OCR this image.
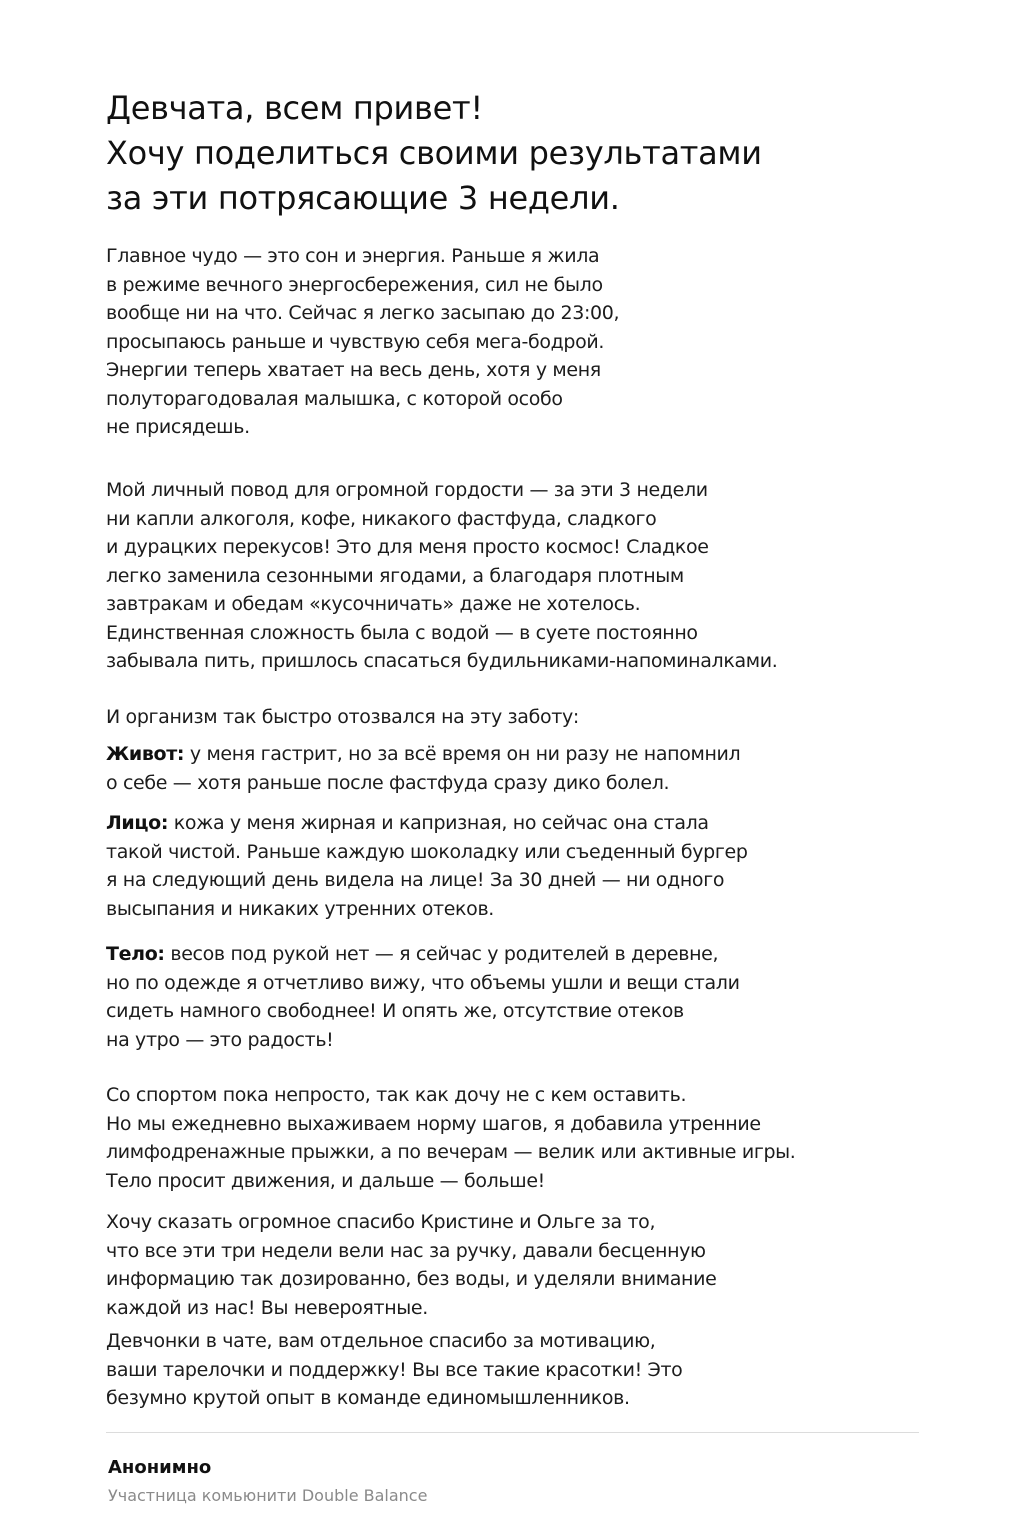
Девчата, всем привет!
Хочу поделиться своими результатами
за эти потрясающие 3 недели.

Главное чудо — это сон и энергия. Раньше я жила
в режиме вечного энергосбережения, сил не было
вообще ни на что. Сейчас я легко засыпаю до 23:00,
просыпаюсь раньше и чувствую себя мега-бодрой.
Энергии теперь хватает на весь день, хотя у меня
полуторагодовалая малышка, с которой особо
не присядешь.

Мой личный повод для огромной гордости — за эти 3 недели
ни капли алкоголя, кофе, никакого фастфуда, сладкого
и дурацких перекусов! Это для меня просто космос! Сладкое
легко заменила сезонными ягодами, а благодаря плотным
завтракам и обедам «кусочничать» даже не хотелось.
Единственная сложность была с водой — в суете постоянно
забывала пить, пришлось спасаться будильниками-напоминалками.

И организм так быстро отозвался на эту заботу:

Живот: у меня гастрит, но за всё время он ни разу не напомнил
о себе — хотя раньше после фастфуда сразу дико болел.

Лицо: кожа у меня жирная и капризная, но сейчас она стала
такой чистой. Раньше каждую шоколадку или съеденный бургер
я на следующий день видела на лице! За 30 дней — ни одного
высыпания и никаких утренних отеков.

Тело: весов под рукой нет — я сейчас у родителей в деревне,
но по одежде я отчетливо вижу, что объемы ушли и вещи стали
сидеть намного свободнее! И опять же, отсутствие отеков
на утро — это радость!

Со спортом пока непросто, так как дочу не с кем оставить.
Но мы ежедневно выхаживаем норму шагов, я добавила утренние
лимфодренажные прыжки, а по вечерам — велик или активные игры.
Тело просит движения, и дальше — больше!

Хочу сказать огромное спасибо Кристине и Ольге за то,
что все эти три недели вели нас за ручку, давали бесценную
информацию так дозированно, без воды, и уделяли внимание
каждой из нас! Вы невероятные.

Девчонки в чате, вам отдельное спасибо за мотивацию,
ваши тарелочки и поддержку! Вы все такие красотки! Это
безумно крутой опыт в команде единомышленников.

Анонимно

Участница комьюнити Double Balance
